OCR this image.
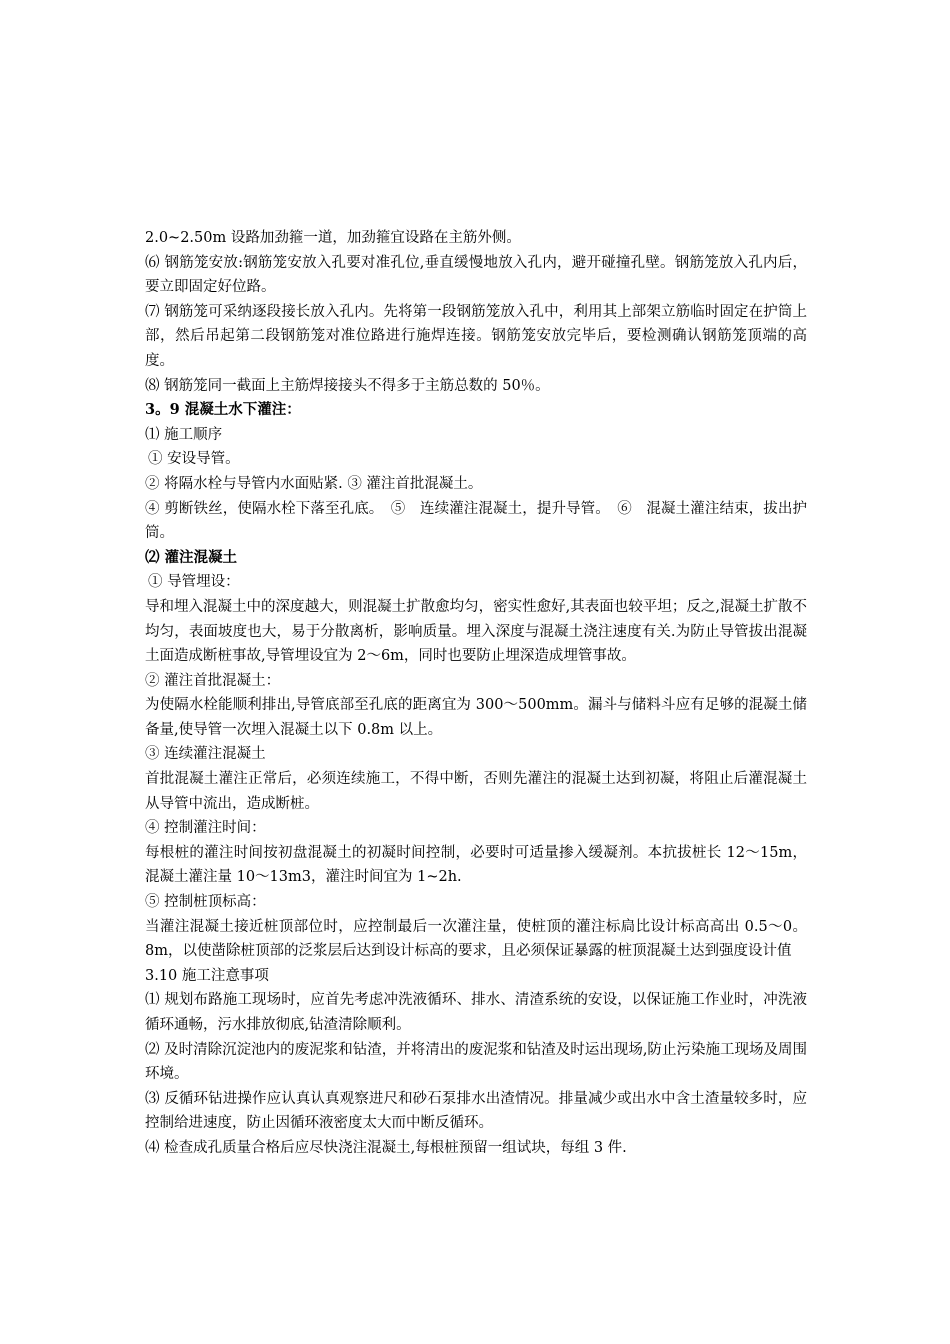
2.0~2.50m 设路加劲箍一道，加劲箍宜设路在主筋外侧。

⑹ 钢筋笼安放:钢筋笼安放入孔要对准孔位,垂直缓慢地放入孔内，避开碰撞孔壁。钢筋笼放入孔内后，要立即固定好位路。

⑺ 钢筋笼可采纳逐段接长放入孔内。先将第一段钢筋笼放入孔中，利用其上部架立筋临时固定在护筒上部，然后吊起第二段钢筋笼对准位路进行施焊连接。钢筋笼安放完毕后，要检测确认钢筋笼顶端的高度。

⑻ 钢筋笼同一截面上主筋焊接接头不得多于主筋总数的 50％。

3。9 混凝土水下灌注：

⑴ 施工顺序

① 安设导管。

② 将隔水栓与导管内水面贴紧. ③ 灌注首批混凝土。

④ 剪断铁丝，使隔水栓下落至孔底。　⑤　连续灌注混凝土，提升导管。　⑥　混凝土灌注结束，拔出护筒。

⑵ 灌注混凝土

① 导管埋设：

导和埋入混凝土中的深度越大，则混凝土扩散愈均匀，密实性愈好,其表面也较平坦；反之,混凝土扩散不均匀，表面坡度也大，易于分散离析，影响质量。埋入深度与混凝土浇注速度有关.为防止导管拔出混凝土面造成断桩事故,导管埋设宜为 2～6m，同时也要防止埋深造成埋管事故。

② 灌注首批混凝土：

为使隔水栓能顺利排出,导管底部至孔底的距离宜为 300～500mm。漏斗与储料斗应有足够的混凝土储备量,使导管一次埋入混凝土以下 0.8m 以上。

③ 连续灌注混凝土

首批混凝土灌注正常后，必须连续施工，不得中断，否则先灌注的混凝土达到初凝，将阻止后灌混凝土从导管中流出，造成断桩。

④ 控制灌注时间：

每根桩的灌注时间按初盘混凝土的初凝时间控制，必要时可适量掺入缓凝剂。本抗拔桩长 12～15m，混凝土灌注量 10～13m3，灌注时间宜为 1~2h.

⑤ 控制桩顶标高：

当灌注混凝土接近桩顶部位时，应控制最后一次灌注量，使桩顶的灌注标扃比设计标高高出 0.5～0。8m，以使凿除桩顶部的泛浆层后达到设计标高的要求，且必须保证暴露的桩顶混凝土达到强度设计值

3.10 施工注意事项

⑴ 规划布路施工现场时，应首先考虑冲洗液循环、排水、清渣系统的安设，以保证施工作业时，冲洗液循环通畅，污水排放彻底,钻渣清除顺利。

⑵ 及时清除沉淀池内的废泥浆和钻渣，并将清出的废泥浆和钻渣及时运出现场,防止污染施工现场及周围环境。

⑶ 反循环钻进操作应认真认真观察进尺和砂石泵排水出渣情况。排量减少或出水中含土渣量较多时，应控制给进速度，防止因循环液密度太大而中断反循环。

⑷ 检查成孔质量合格后应尽快浇注混凝土,每根桩预留一组试块，每组 3 件.
